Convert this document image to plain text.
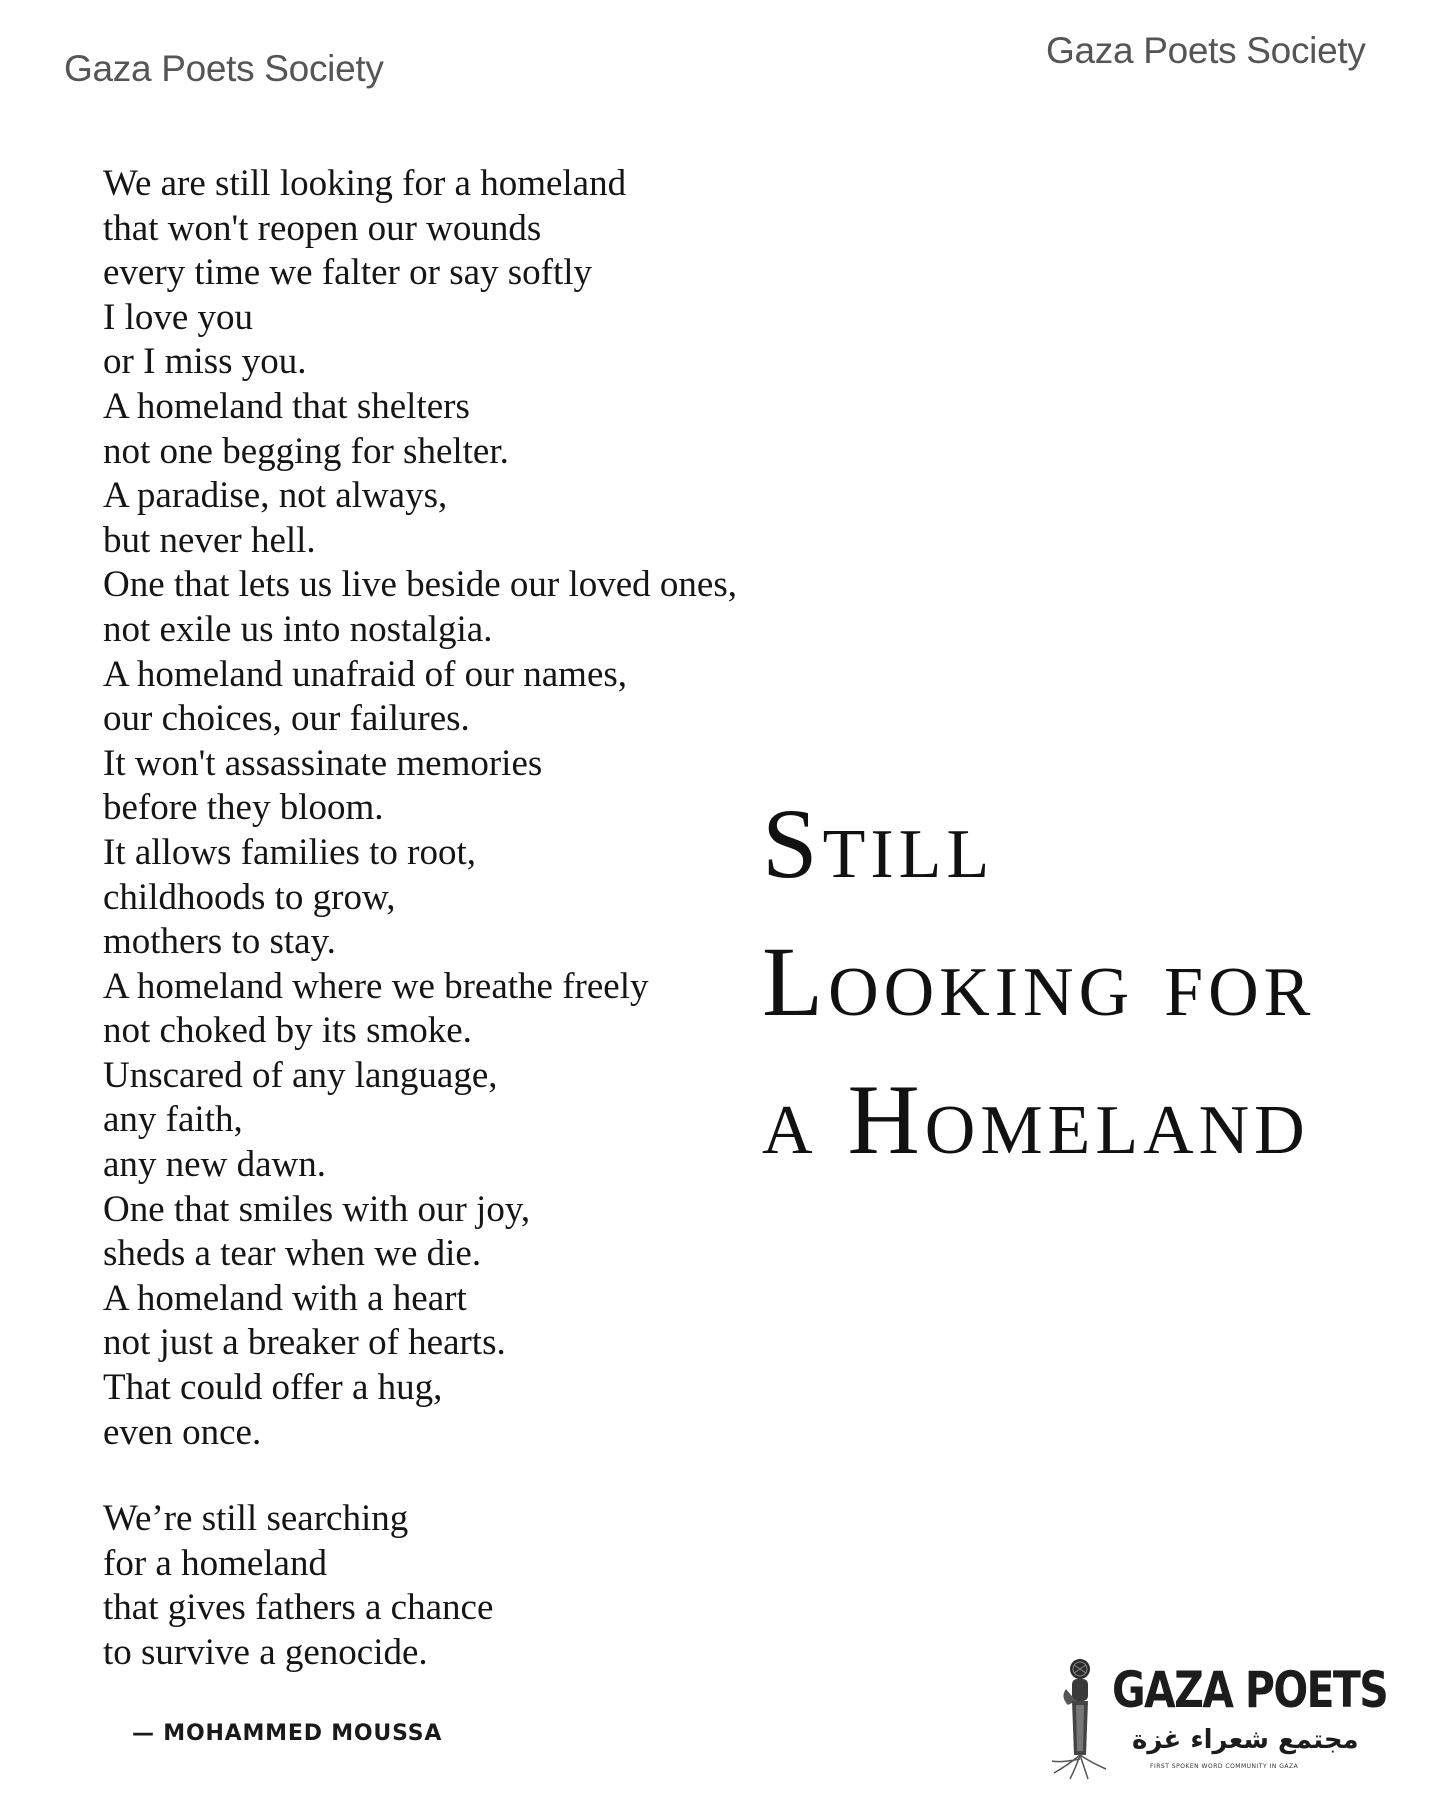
Gaza Poets Society	Gaza Poets Society
We are still looking for a homeland
that won't reopen our wounds
every time we falter or say softly
I love you
or I miss you.
A homeland that shelters
not one begging for shelter.
A paradise, not always,
but never hell.
One that lets us live beside our loved ones,
not exile us into nostalgia.
A homeland unafraid of our names,
our choices, our failures.
It won't assassinate memories
before they bloom.
It allows families to root,
childhoods to grow,
mothers to stay.
A homeland where we breathe freely
not choked by its smoke.
Unscared of any language,
any faith,
any new dawn.
One that smiles with our joy,
sheds a tear when we die.
A homeland with a heart
not just a breaker of hearts.
That could offer a hug,
even once.
We’re still searching
for a homeland
that gives fathers a chance
to survive a genocide.
— MOHAMMED MOUSSA
Still
Looking for
a Homeland
GAZA POETS
مجتمع شعراء غزة
FIRST SPOKEN WORD COMMUNITY IN GAZA
